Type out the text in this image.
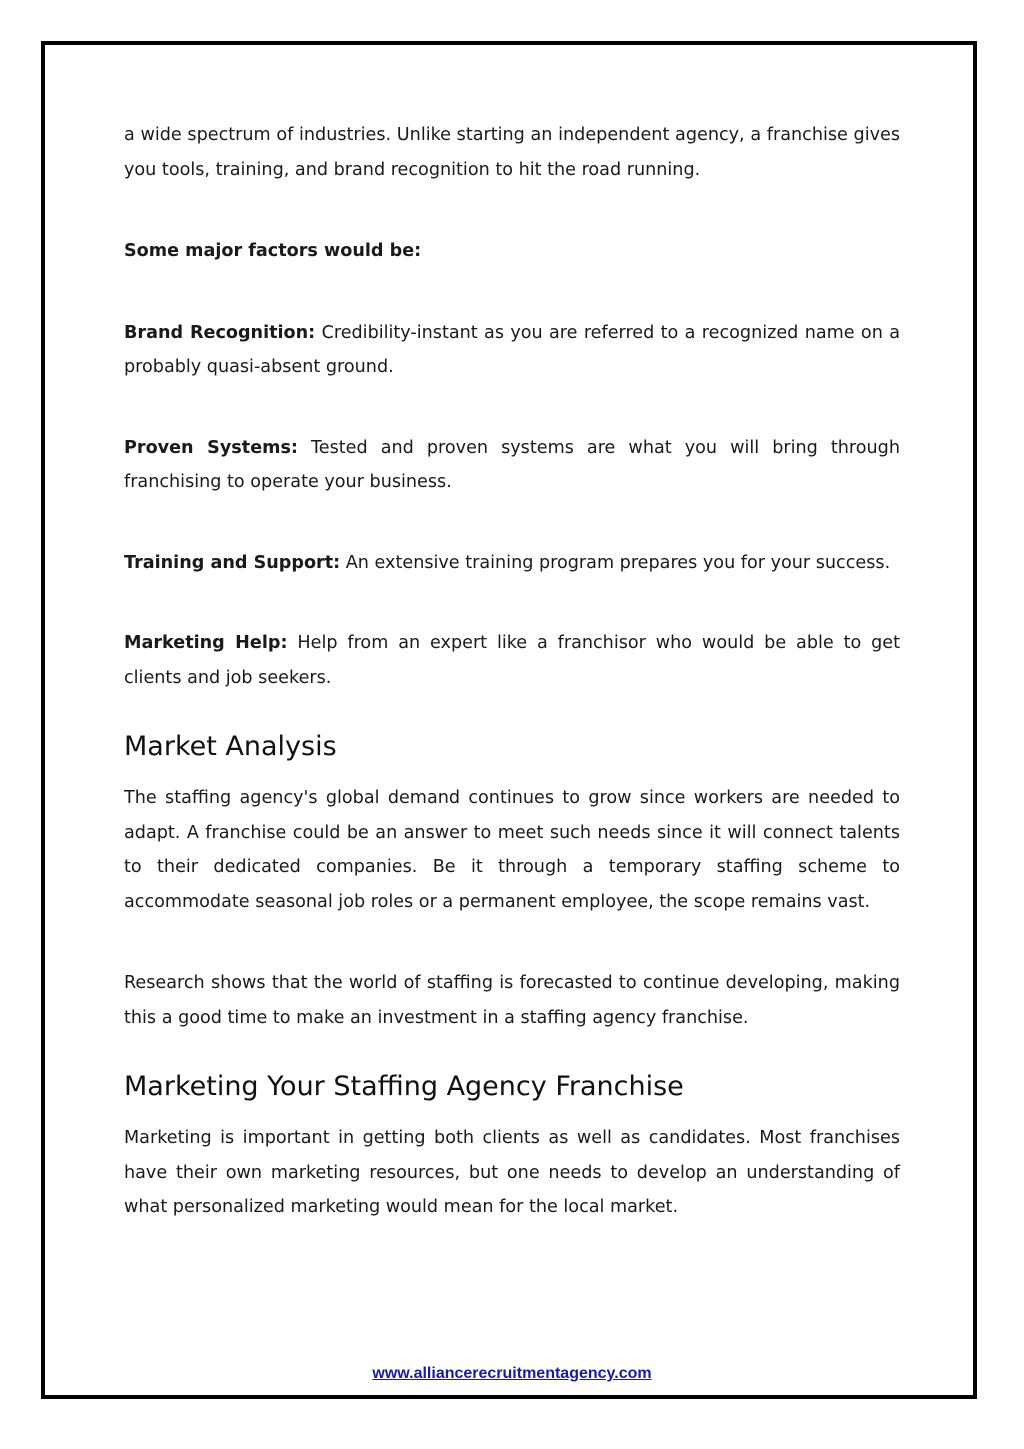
a wide spectrum of industries. Unlike starting an independent agency, a franchise gives you tools, training, and brand recognition to hit the road running.

Some major factors would be:

Brand Recognition: Credibility-instant as you are referred to a recognized name on a probably quasi-absent ground.

Proven Systems: Tested and proven systems are what you will bring through franchising to operate your business.

Training and Support: An extensive training program prepares you for your success.

Marketing Help: Help from an expert like a franchisor who would be able to get clients and job seekers.

Market Analysis

The staffing agency's global demand continues to grow since workers are needed to adapt. A franchise could be an answer to meet such needs since it will connect talents to their dedicated companies. Be it through a temporary staffing scheme to accommodate seasonal job roles or a permanent employee, the scope remains vast.

Research shows that the world of staffing is forecasted to continue developing, making this a good time to make an investment in a staffing agency franchise.

Marketing Your Staffing Agency Franchise

Marketing is important in getting both clients as well as candidates. Most franchises have their own marketing resources, but one needs to develop an understanding of what personalized marketing would mean for the local market.

www.alliancerecruitmentagency.com
